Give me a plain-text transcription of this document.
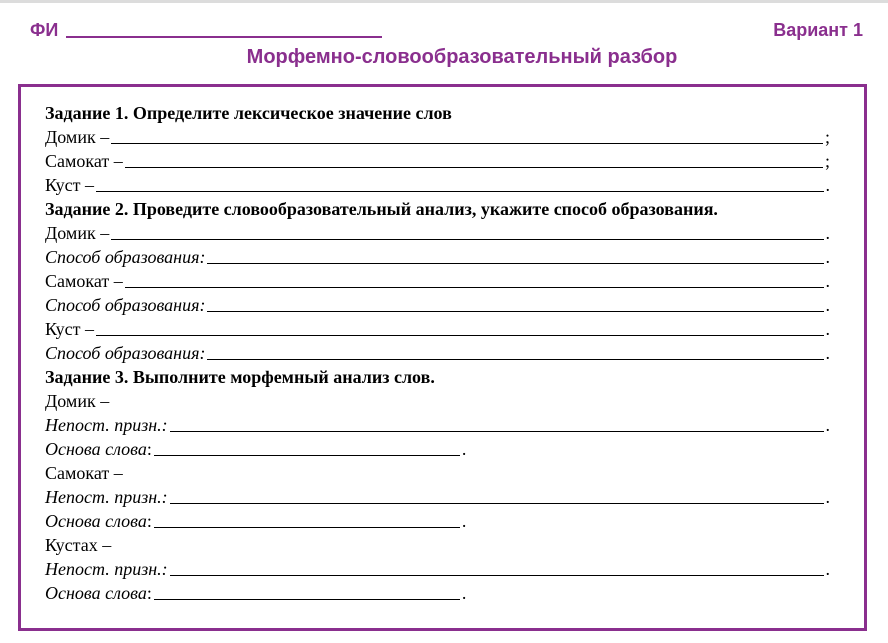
ФИ	Вариант 1
Морфемно-словообразовательный разбор
Задание 1. Определите лексическое значение слов
Домик –	;
Самокат –	;
Куст –	.
Задание 2. Проведите словообразовательный анализ, укажите способ образования.
Домик –	.
Способ образования:	.
Самокат –	.
Способ образования:	.
Куст –	.
Способ образования:	.
Задание 3. Выполните морфемный анализ слов.
Домик –
Непост. призн.:	.
Основа слова :	.
Самокат –
Непост. призн.:	.
Основа слова :	.
Кустах –
Непост. призн.:	.
Основа слова :	.
